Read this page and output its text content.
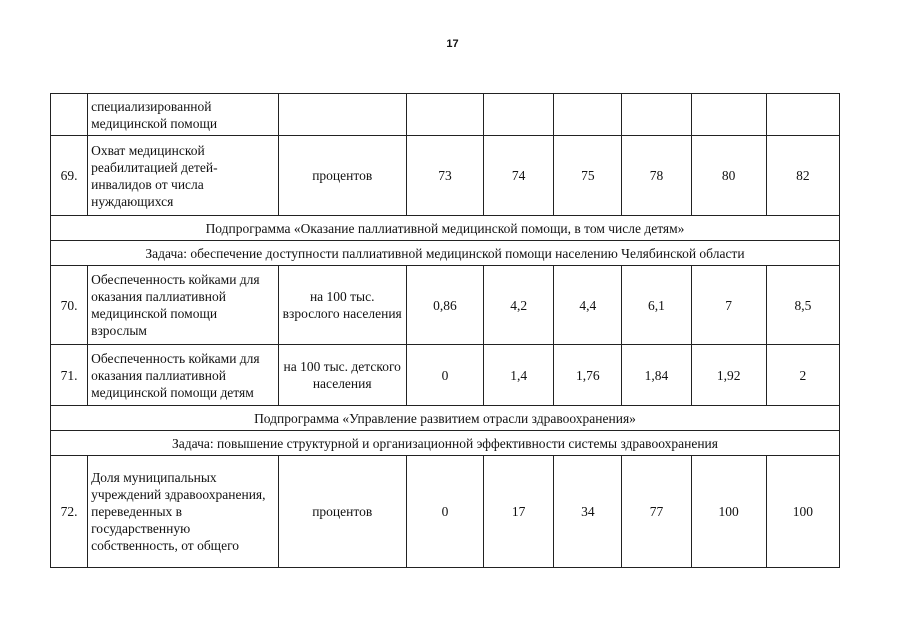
17
	специализированной медицинской помощи							
69.	Охват медицинской реабилитацией детей-инвалидов от числа нуждающихся	процентов	73	74	75	78	80	82
Подпрограмма «Оказание паллиативной медицинской помощи, в том числе детям»								
Задача: обеспечение доступности паллиативной медицинской помощи населению Челябинской области								
70.	Обеспеченность койками для оказания паллиативной медицинской помощи взрослым	на 100 тыс. взрослого населения	0,86	4,2	4,4	6,1	7	8,5
71.	Обеспеченность койками для оказания паллиативной медицинской помощи детям	на 100 тыс. детского населения	0	1,4	1,76	1,84	1,92	2
Подпрограмма «Управление развитием отрасли здравоохранения»								
Задача: повышение структурной и организационной эффективности системы здравоохранения								
72.	Доля муниципальных учреждений здравоохранения, переведенных в государственную собственность, от общего	процентов	0	17	34	77	100	100
